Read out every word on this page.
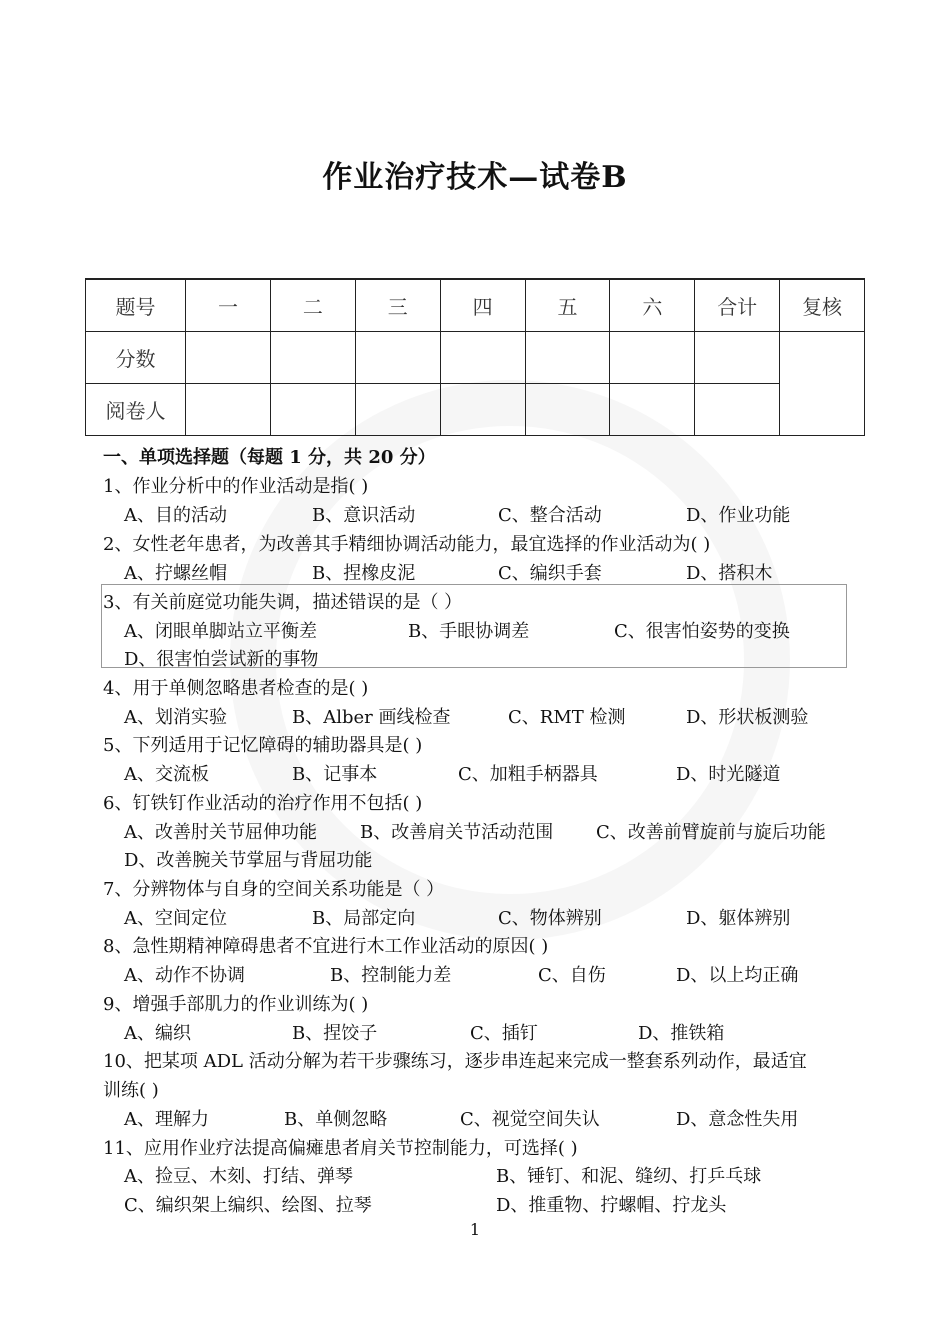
作业治疗技术—试卷B
题号	一	二	三	四	五	六	合计	复核
分数								
阅卷人								
一、单项选择题（每题 1 分，共 20 分）
1、作业分析中的作业活动是指( )
A、目的活动	B、意识活动	C、整合活动	D、作业功能
2、女性老年患者，为改善其手精细协调活动能力，最宜选择的作业活动为( )
A、拧螺丝帽	B、捏橡皮泥	C、编织手套	D、搭积木
3、有关前庭觉功能失调，描述错误的是（ ）
A、闭眼单脚站立平衡差	B、手眼协调差	C、很害怕姿势的变换
D、很害怕尝试新的事物
4、用于单侧忽略患者检查的是( )
A、划消实验	B、Alber 画线检查	C、RMT 检测	D、形状板测验
5、下列适用于记忆障碍的辅助器具是( )
A、交流板	B、记事本	C、加粗手柄器具	D、时光隧道
6、钉铁钉作业活动的治疗作用不包括( )
A、改善肘关节屈伸功能 B、改善肩关节活动范围 C、改善前臂旋前与旋后功能
D、改善腕关节掌屈与背屈功能
7、分辨物体与自身的空间关系功能是（ ）
A、空间定位	B、局部定向	C、物体辨别	D、躯体辨别
8、急性期精神障碍患者不宜进行木工作业活动的原因( )
A、动作不协调	B、控制能力差	C、自伤	D、以上均正确
9、增强手部肌力的作业训练为( )
A、编织	B、捏饺子	C、插钉	D、推铁箱
10、把某项 ADL 活动分解为若干步骤练习，逐步串连起来完成一整套系列动作，最适宜
训练( )
A、理解力	B、单侧忽略	C、视觉空间失认	D、意念性失用
11、应用作业疗法提高偏瘫患者肩关节控制能力，可选择( )
A、捡豆、木刻、打结、弹琴	B、锤钉、和泥、缝纫、打乒乓球
C、编织架上编织、绘图、拉琴	D、推重物、拧螺帽、拧龙头
1
